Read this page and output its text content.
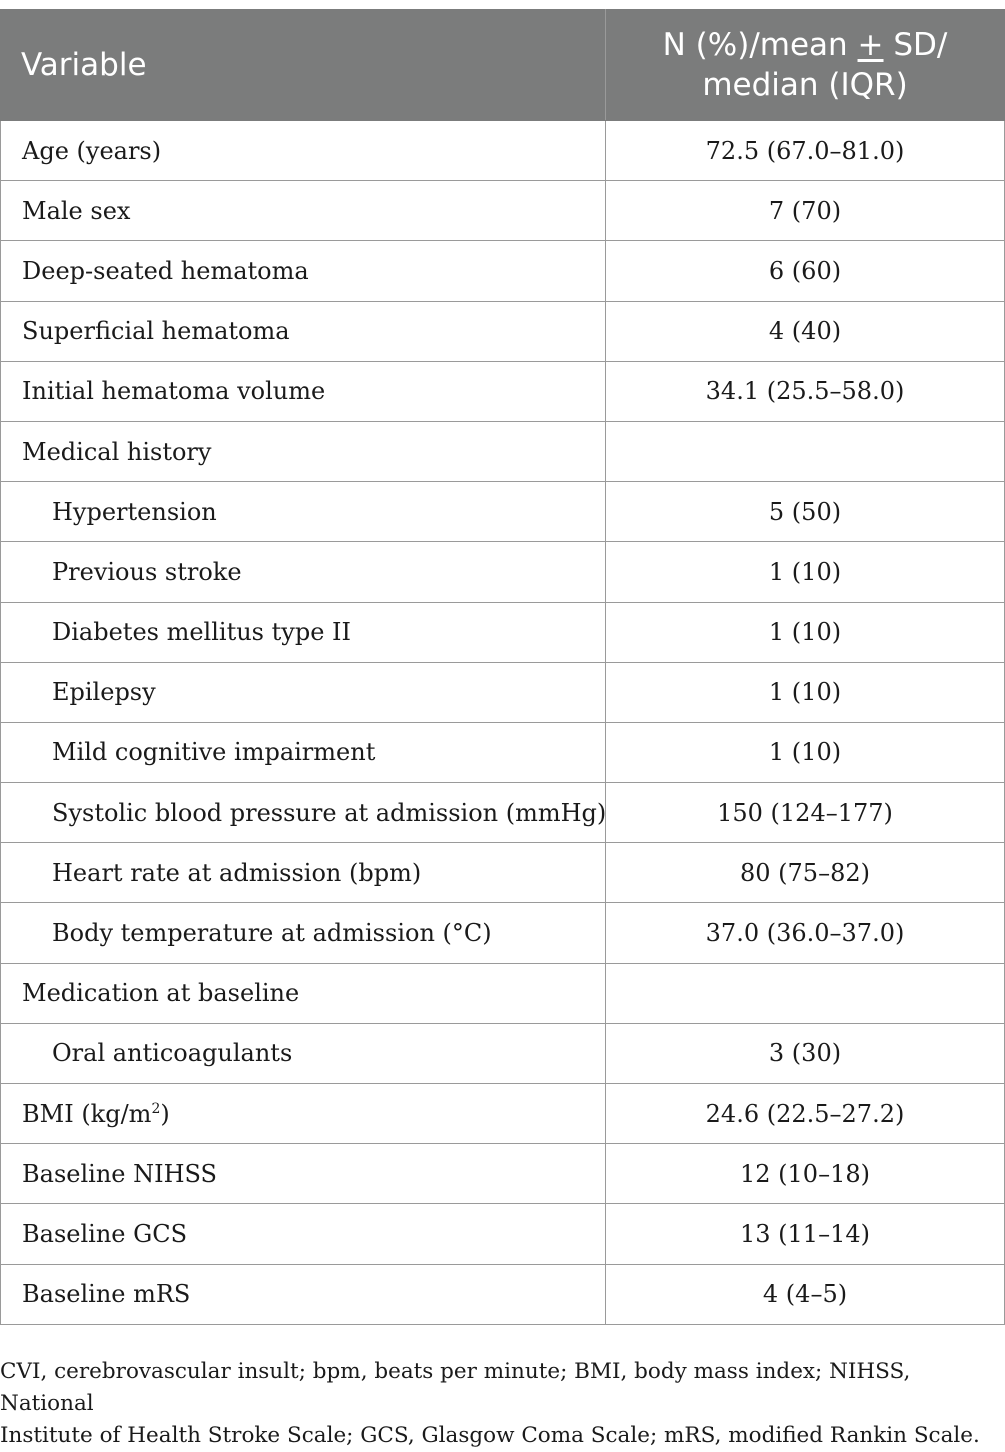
Variable	N (%)/mean + SD/
median (IQR)

Age (years)	72.5 (67.0–81.0)
Male sex	7 (70)
Deep-seated hematoma	6 (60)
Superficial hematoma	4 (40)
Initial hematoma volume	34.1 (25.5–58.0)
Medical history	
Hypertension	5 (50)
Previous stroke	1 (10)
Diabetes mellitus type II	1 (10)
Epilepsy	1 (10)
Mild cognitive impairment	1 (10)
Systolic blood pressure at admission (mmHg)	150 (124–177)
Heart rate at admission (bpm)	80 (75–82)
Body temperature at admission (°C)	37.0 (36.0–37.0)
Medication at baseline	
Oral anticoagulants	3 (30)
BMI $(kg/m^2)$	24.6 (22.5–27.2)
Baseline NIHSS	12 (10–18)
Baseline GCS	13 (11–14)
Baseline mRS	4 (4–5)
CVI, cerebrovascular insult; bpm, beats per minute; BMI, body mass index; NIHSS, National
Institute of Health Stroke Scale; GCS, Glasgow Coma Scale; mRS, modified Rankin Scale.
